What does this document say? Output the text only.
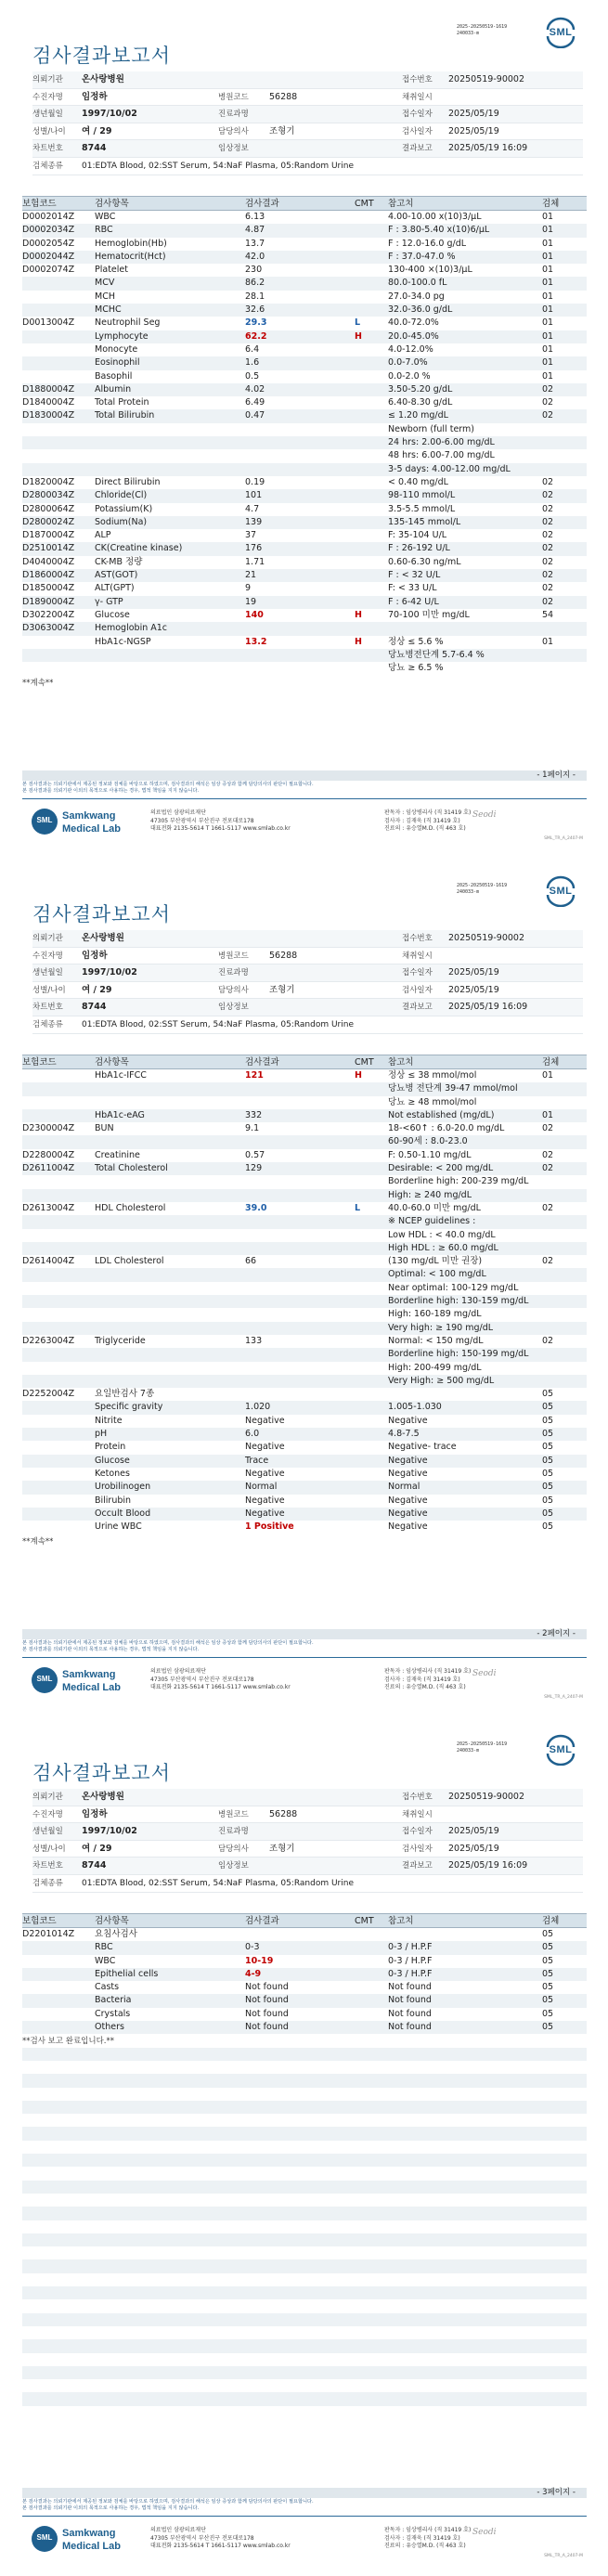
2025-20250519-1619
240033-m	SML
검사결과보고서
의뢰기관 온사랑병원	접수번호 20250519-90002
수진자명 임정하	병원코드 56288	채취일시
생년월일 1997/10/02	진료과명	접수일자 2025/05/19
성별/나이 여 / 29	담당의사 조형기	검사일자 2025/05/19
차트번호 8744	임상정보	결과보고 2025/05/19 16:09
검체종류 01:EDTA Blood, 02:SST Serum, 54:NaF Plasma, 05:Random Urine
보험코드	검사항목	검사결과	CMT 참고치	검체
D0002014Z WBC	6.13	4.00-10.00 x(10)3/μL	01
D0002034Z RBC	4.87	F : 3.80-5.40 x(10)6/μL	01
D0002054Z Hemoglobin(Hb)	13.7	F : 12.0-16.0 g/dL	01
D0002044Z Hematocrit(Hct)	42.0	F : 37.0-47.0 %	01
D0002074Z Platelet	230	130-400 ×(10)3/μL	01
MCV	86.2	80.0-100.0 fL	01
MCH	28.1	27.0-34.0 pg	01
MCHC	32.6	32.0-36.0 g/dL	01
D0013004Z Neutrophil Seg	29.3	L	40.0-72.0%	01
Lymphocyte	62.2	H	20.0-45.0%	01
Monocyte	6.4	4.0-12.0%	01
Eosinophil	1.6	0.0-7.0%	01
Basophil	0.5	0.0-2.0 %	01
D1880004Z Albumin	4.02	3.50-5.20 g/dL	02
D1840004Z Total Protein	6.49	6.40-8.30 g/dL	02
D1830004Z Total Bilirubin	0.47	≤ 1.20 mg/dL	02
Newborn (full term)
24 hrs: 2.00-6.00 mg/dL
48 hrs: 6.00-7.00 mg/dL
3-5 days: 4.00-12.00 mg/dL
D1820004Z Direct Bilirubin	0.19	< 0.40 mg/dL	02
D2800034Z Chloride(Cl)	101	98-110 mmol/L	02
D2800064Z Potassium(K)	4.7	3.5-5.5 mmol/L	02
D2800024Z Sodium(Na)	139	135-145 mmol/L	02
D1870004Z ALP	37	F: 35-104 U/L	02
D2510014Z CK(Creatine kinase)	176	F : 26-192 U/L	02
D4040004Z CK-MB 정량	1.71	0.60-6.30 ng/mL	02
D1860004Z AST(GOT)	21	F : < 32 U/L	02
D1850004Z ALT(GPT)	9	F: < 33 U/L	02
D1890004Z γ- GTP	19	F : 6-42 U/L	02
D3022004Z Glucose	140	H	70-100 미만 mg/dL	54
D3063004Z Hemoglobin A1c
HbA1c-NGSP	13.2	H	정상 ≤ 5.6 %	01
당뇨병전단계 5.7-6.4 %
당뇨 ≥ 6.5 %
**계속**
- 1페이지 -
본 검사결과는 의뢰기관에서 제공된 정보와 검체를 바탕으로 하였으며, 검사결과의 해석은 임상 증상과 함께 담당의사의 판단이 필요합니다.
본 검사결과를 의뢰기관 이외의 목적으로 사용하는 경우, 법적 책임을 지지 않습니다.
SML Samkwang
Medical Lab
의료법인 삼광의료재단
47305 부산광역시 부산진구 전포대로178
대표전화 2135-5614 T 1661-5117 www.smlab.co.kr
판독자 : 임상병리사 (직 31419 호)
검사자 : 김재욱 (직 31419 호)
진료의 : 유승열M.D. (직 463 호)
Seodi
SML_TR_A_2407-M
2025-20250519-1619
240033-m	SML
검사결과보고서
의뢰기관 온사랑병원	접수번호 20250519-90002
수진자명 임정하	병원코드 56288	채취일시
생년월일 1997/10/02	진료과명	접수일자 2025/05/19
성별/나이 여 / 29	담당의사 조형기	검사일자 2025/05/19
차트번호 8744	임상정보	결과보고 2025/05/19 16:09
검체종류 01:EDTA Blood, 02:SST Serum, 54:NaF Plasma, 05:Random Urine
보험코드	검사항목	검사결과	CMT 참고치	검체
HbA1c-IFCC	121	H	정상 ≤ 38 mmol/mol	01
당뇨병 전단계 39-47 mmol/mol
당뇨 ≥ 48 mmol/mol
HbA1c-eAG	332	Not established (mg/dL)	01
D2300004Z BUN	9.1	18-<60↑ : 6.0-20.0 mg/dL	02
60-90세 : 8.0-23.0
D2280004Z Creatinine	0.57	F: 0.50-1.10 mg/dL	02
D2611004Z Total Cholesterol	129	Desirable: < 200 mg/dL	02
Borderline high: 200-239 mg/dL
High: ≥ 240 mg/dL
D2613004Z HDL Cholesterol	39.0	L	40.0-60.0 미만 mg/dL	02
※ NCEP guidelines :
Low HDL : < 40.0 mg/dL
High HDL : ≥ 60.0 mg/dL
D2614004Z LDL Cholesterol	66	(130 mg/dL 미만 권장)	02
Optimal: < 100 mg/dL
Near optimal: 100-129 mg/dL
Borderline high: 130-159 mg/dL
High: 160-189 mg/dL
Very high: ≥ 190 mg/dL
D2263004Z Triglyceride	133	Normal: < 150 mg/dL	02
Borderline high: 150-199 mg/dL
High: 200-499 mg/dL
Very High: ≥ 500 mg/dL
D2252004Z 요일반검사 7종	05
Specific gravity	1.020	1.005-1.030	05
Nitrite	Negative	Negative	05
pH	6.0	4.8-7.5	05
Protein	Negative	Negative- trace	05
Glucose	Trace	Negative	05
Ketones	Negative	Negative	05
Urobilinogen	Normal	Normal	05
Bilirubin	Negative	Negative	05
Occult Blood	Negative	Negative	05
Urine WBC	1 Positive	Negative	05
**계속**
- 2페이지 -
본 검사결과는 의뢰기관에서 제공된 정보와 검체를 바탕으로 하였으며, 검사결과의 해석은 임상 증상과 함께 담당의사의 판단이 필요합니다.
본 검사결과를 의뢰기관 이외의 목적으로 사용하는 경우, 법적 책임을 지지 않습니다.
SML Samkwang
Medical Lab
의료법인 삼광의료재단
47305 부산광역시 부산진구 전포대로178
대표전화 2135-5614 T 1661-5117 www.smlab.co.kr
판독자 : 임상병리사 (직 31419 호)
검사자 : 김재욱 (직 31419 호)
진료의 : 유승열M.D. (직 463 호)
Seodi
SML_TR_A_2407-M
2025-20250519-1619
240033-m	SML
검사결과보고서
의뢰기관 온사랑병원	접수번호 20250519-90002
수진자명 임정하	병원코드 56288	채취일시
생년월일 1997/10/02	진료과명	접수일자 2025/05/19
성별/나이 여 / 29	담당의사 조형기	검사일자 2025/05/19
차트번호 8744	임상정보	결과보고 2025/05/19 16:09
검체종류 01:EDTA Blood, 02:SST Serum, 54:NaF Plasma, 05:Random Urine
보험코드	검사항목	검사결과	CMT 참고치	검체
D2201014Z 요침사검사	05
RBC	0-3	0-3 / H.P.F	05
WBC	10-19	0-3 / H.P.F	05
Epithelial cells	4-9	0-3 / H.P.F	05
Casts	Not found	Not found	05
Bacteria	Not found	Not found	05
Crystals	Not found	Not found	05
Others	Not found	Not found	05
**검사 보고 완료입니다.**
- 3페이지 -
본 검사결과는 의뢰기관에서 제공된 정보와 검체를 바탕으로 하였으며, 검사결과의 해석은 임상 증상과 함께 담당의사의 판단이 필요합니다.
본 검사결과를 의뢰기관 이외의 목적으로 사용하는 경우, 법적 책임을 지지 않습니다.
SML Samkwang
Medical Lab
의료법인 삼광의료재단
47305 부산광역시 부산진구 전포대로178
대표전화 2135-5614 T 1661-5117 www.smlab.co.kr
판독자 : 임상병리사 (직 31419 호)
검사자 : 김재욱 (직 31419 호)
진료의 : 유승열M.D. (직 463 호)
Seodi
SML_TR_A_2407-M
